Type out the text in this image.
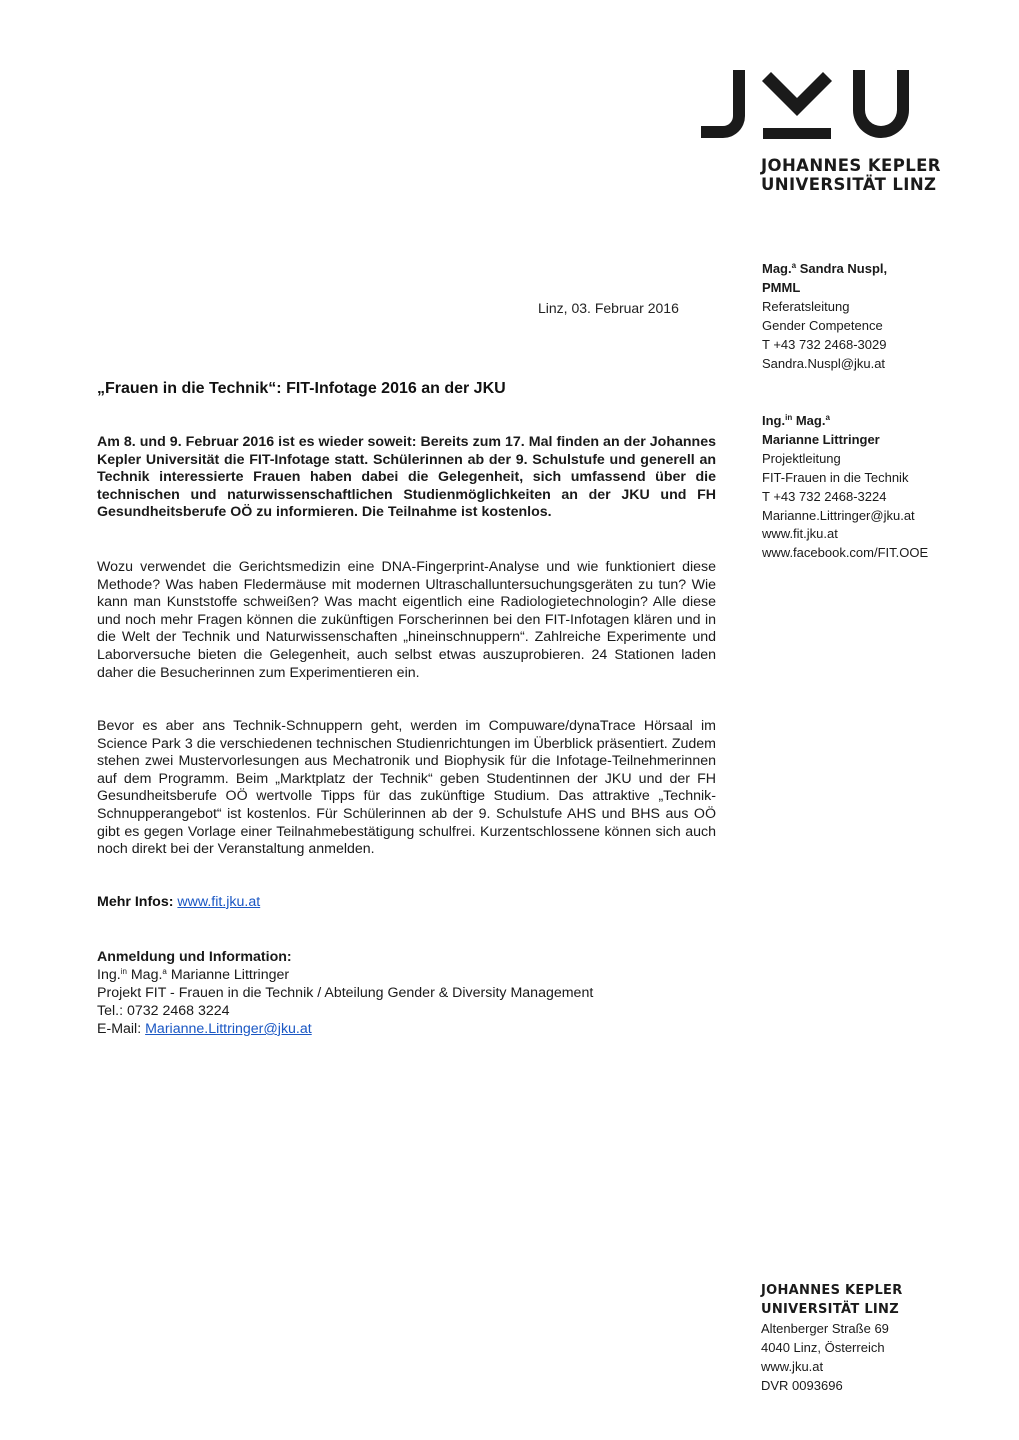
JOHANNES KEPLER
UNIVERSITÄT LINZ
Linz, 03. Februar 2016
Mag.$^a$ Sandra Nuspl,
PMML
Referatsleitung
Gender Competence
T +43 732 2468-3029
Sandra.Nuspl@jku.at
Ing.$^{in}$ Mag.$^a$
Marianne Littringer
Projektleitung
FIT-Frauen in die Technik
T +43 732 2468-3224
Marianne.Littringer@jku.at
www.fit.jku.at
www.facebook.com/FIT.OOE
„Frauen in die Technik“: FIT-Infotage 2016 an der JKU
Am 8. und 9. Februar 2016 ist es wieder soweit: Bereits zum 17. Mal finden an der Johannes Kepler Universität die FIT-Infotage statt. Schülerinnen ab der 9. Schulstufe und generell an Technik interessierte Frauen haben dabei die Gelegenheit, sich umfassend über die technischen und naturwissenschaftlichen Studienmöglichkeiten an der JKU und FH Gesundheitsberufe OÖ zu informieren. Die Teilnahme ist kostenlos.
Wozu verwendet die Gerichtsmedizin eine DNA-Fingerprint-Analyse und wie funktioniert diese Methode? Was haben Fledermäuse mit modernen Ultraschalluntersuchungsgeräten zu tun? Wie kann man Kunststoffe schweißen? Was macht eigentlich eine Radiologietechnologin? Alle diese und noch mehr Fragen können die zukünftigen Forscherinnen bei den FIT-Infotagen klären und in die Welt der Technik und Naturwissenschaften „hineinschnuppern“. Zahlreiche Experimente und Laborversuche bieten die Gelegenheit, auch selbst etwas auszuprobieren. 24 Stationen laden daher die Besucherinnen zum Experimentieren ein.
Bevor es aber ans Technik-Schnuppern geht, werden im Compuware/dynaTrace Hörsaal im Science Park 3 die verschiedenen technischen Studienrichtungen im Überblick präsentiert. Zudem stehen zwei Mustervorlesungen aus Mechatronik und Biophysik für die Infotage-Teilnehmerinnen auf dem Programm. Beim „Marktplatz der Technik“ geben Studentinnen der JKU und der FH Gesundheitsberufe OÖ wertvolle Tipps für das zukünftige Studium. Das attraktive „Technik-Schnupperangebot“ ist kostenlos. Für Schülerinnen ab der 9. Schulstufe AHS und BHS aus OÖ gibt es gegen Vorlage einer Teilnahmebestätigung schulfrei. Kurzentschlossene können sich auch noch direkt bei der Veranstaltung anmelden.
Mehr Infos: www.fit.jku.at
Anmeldung und Information:
Ing.$^{in}$ Mag.$^a$ Marianne Littringer
Projekt FIT - Frauen in die Technik / Abteilung Gender & Diversity Management
Tel.: 0732 2468 3224
E-Mail: Marianne.Littringer@jku.at
JOHANNES KEPLER
UNIVERSITÄT LINZ
Altenberger Straße 69
4040 Linz, Österreich
www.jku.at
DVR 0093696
